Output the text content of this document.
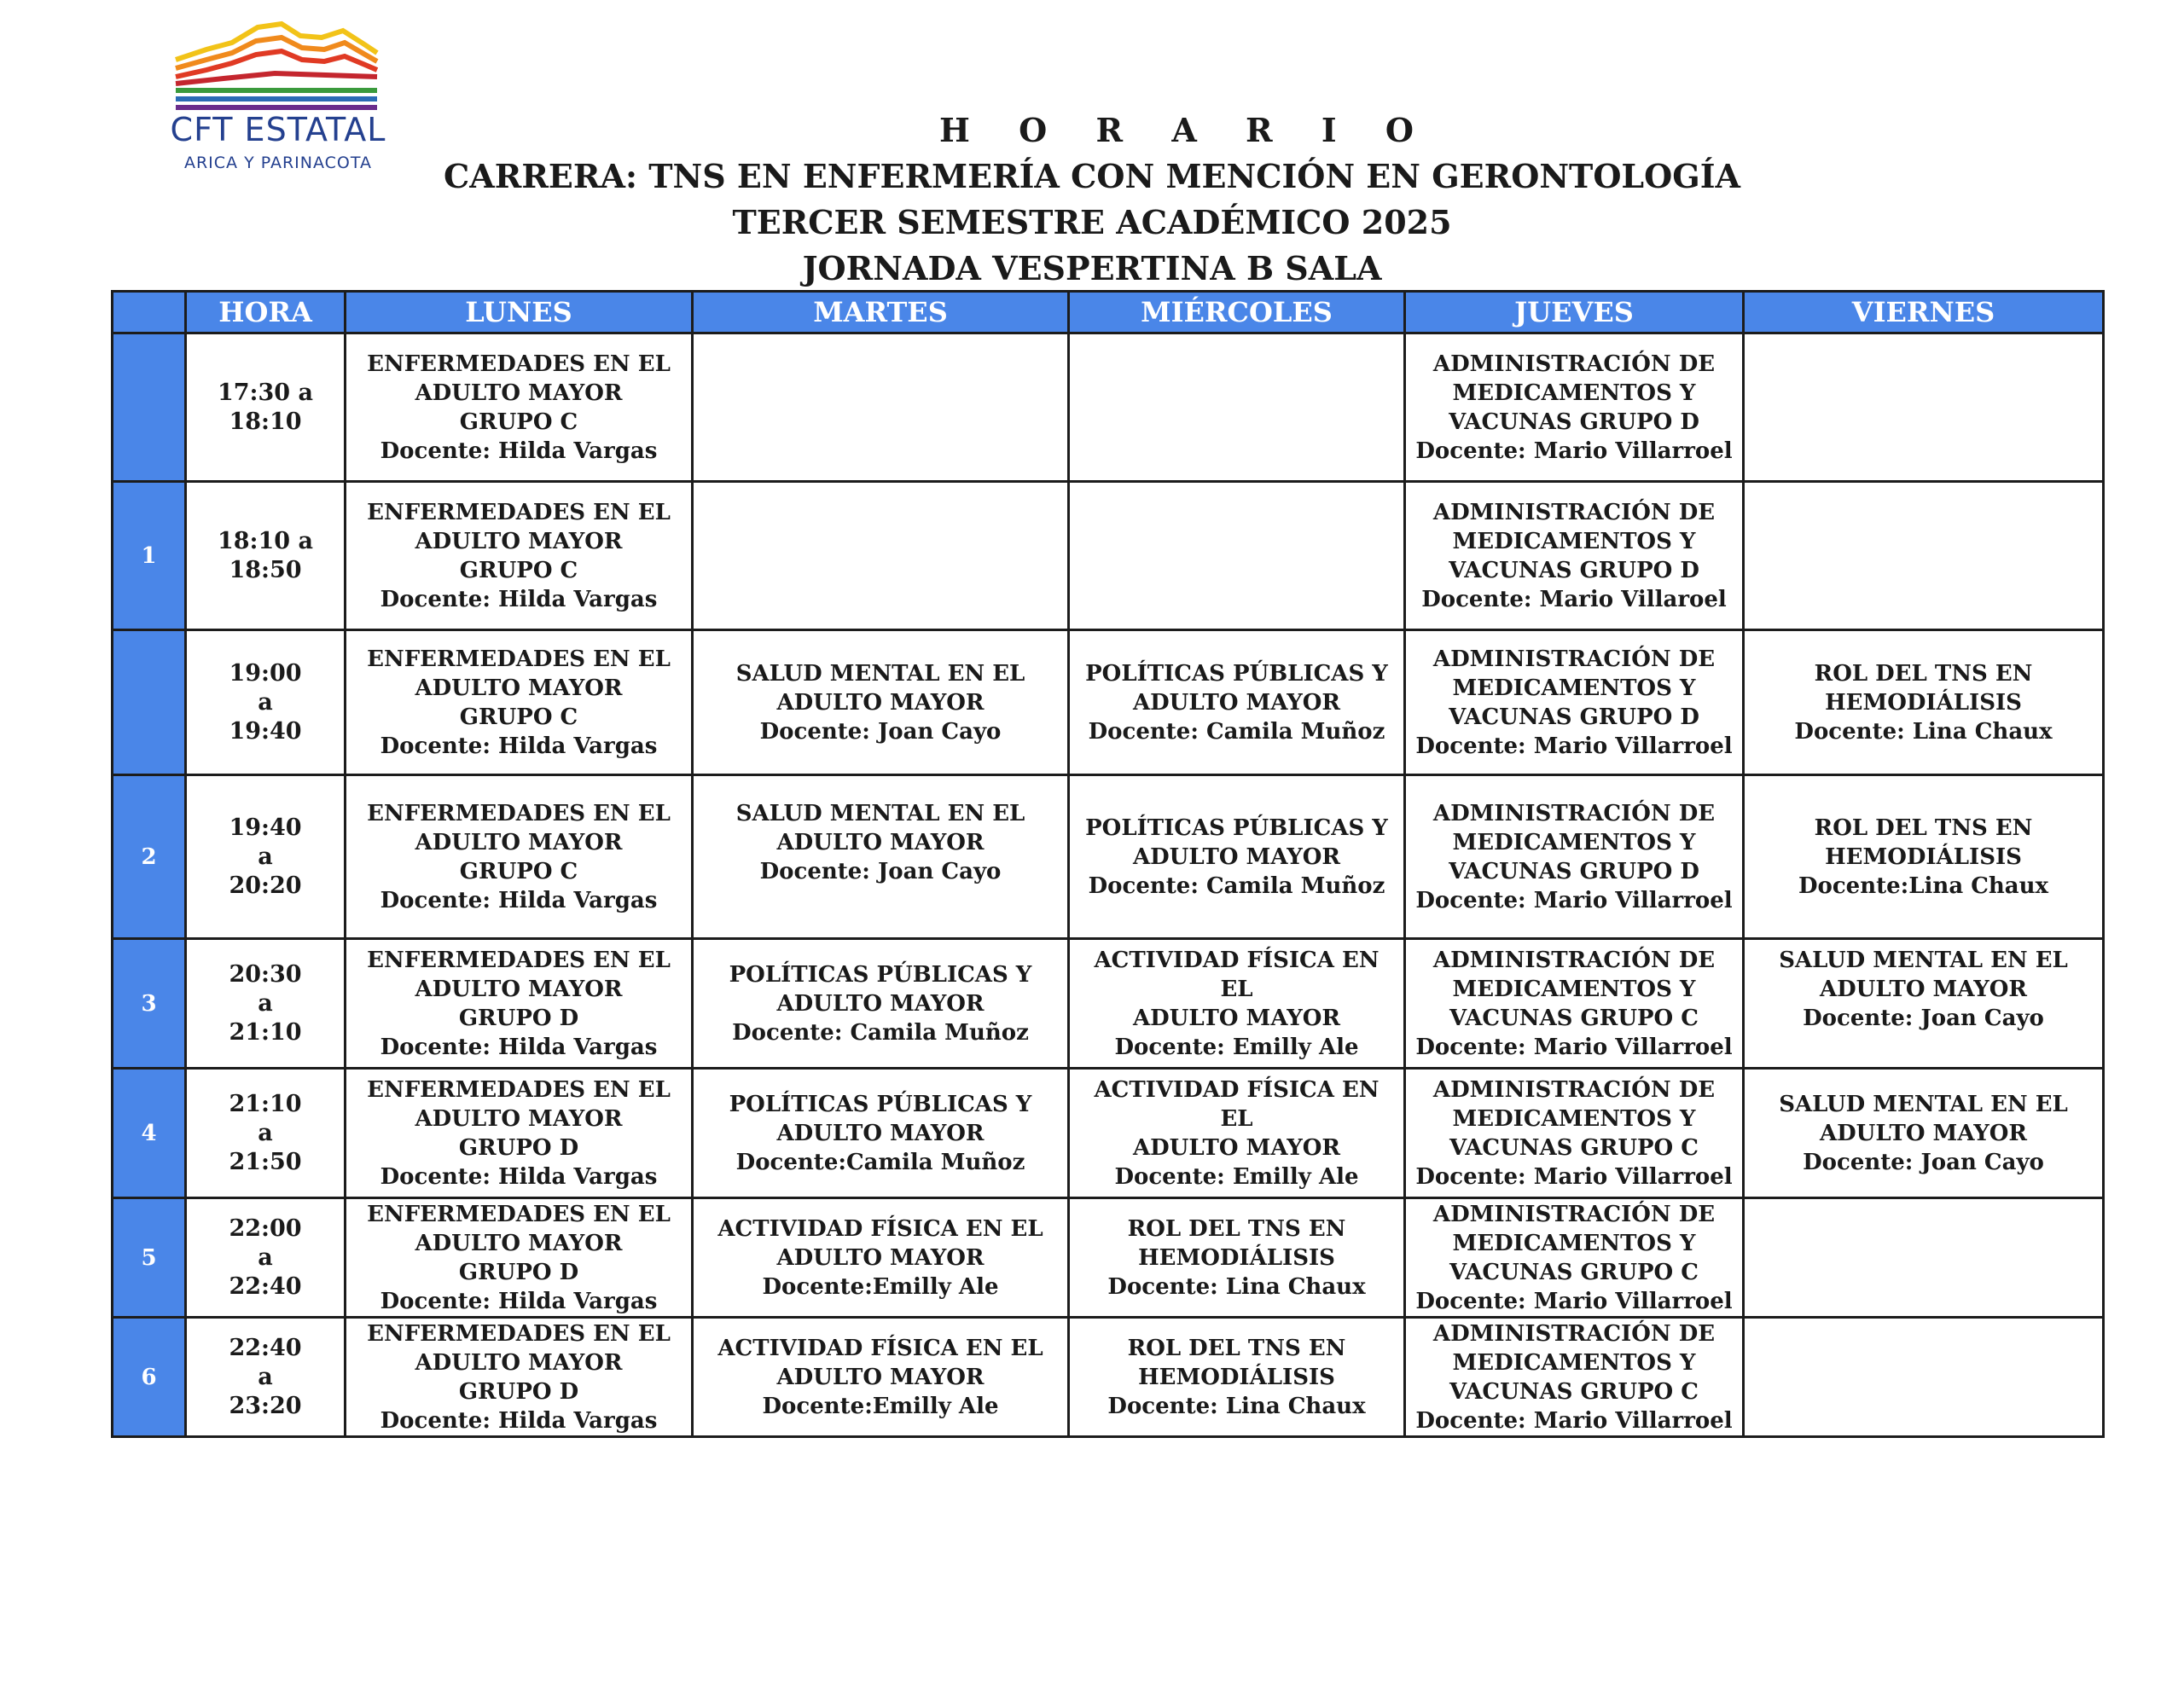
CFT ESTATAL
ARICA Y PARINACOTA
H O R A R I O
CARRERA: TNS EN ENFERMERÍA CON MENCIÓN EN GERONTOLOGÍA
TERCER SEMESTRE ACADÉMICO 2025
JORNADA VESPERTINA B SALA
	HORA	LUNES	MARTES	MIÉRCOLES	JUEVES	VIERNES

	17:30 a
18:10	ENFERMEDADES EN EL
ADULTO MAYOR
GRUPO C
Docente: Hilda Vargas			ADMINISTRACIÓN DE
MEDICAMENTOS Y
VACUNAS GRUPO D
Docente: Mario Villarroel	

1	18:10 a
18:50	ENFERMEDADES EN EL
ADULTO MAYOR
GRUPO C
Docente: Hilda Vargas			ADMINISTRACIÓN DE
MEDICAMENTOS Y
VACUNAS GRUPO D
Docente: Mario Villaroel	

	19:00
a
19:40	ENFERMEDADES EN EL
ADULTO MAYOR
GRUPO C
Docente: Hilda Vargas	SALUD MENTAL EN EL
ADULTO MAYOR
Docente: Joan Cayo	POLÍTICAS PÚBLICAS Y
ADULTO MAYOR
Docente: Camila Muñoz	ADMINISTRACIÓN DE
MEDICAMENTOS Y
VACUNAS GRUPO D
Docente: Mario Villarroel	ROL DEL TNS EN
HEMODIÁLISIS
Docente: Lina Chaux

2	19:40
a
20:20	ENFERMEDADES EN EL
ADULTO MAYOR
GRUPO C
Docente: Hilda Vargas	SALUD MENTAL EN EL
ADULTO MAYOR
Docente: Joan Cayo	POLÍTICAS PÚBLICAS Y
ADULTO MAYOR
Docente: Camila Muñoz	ADMINISTRACIÓN DE
MEDICAMENTOS Y
VACUNAS GRUPO D
Docente: Mario Villarroel	ROL DEL TNS EN
HEMODIÁLISIS
Docente:Lina Chaux

3	20:30
a
21:10	ENFERMEDADES EN EL
ADULTO MAYOR
GRUPO D
Docente: Hilda Vargas	POLÍTICAS PÚBLICAS Y
ADULTO MAYOR
Docente: Camila Muñoz	ACTIVIDAD FÍSICA EN EL
ADULTO MAYOR
Docente: Emilly Ale	ADMINISTRACIÓN DE
MEDICAMENTOS Y
VACUNAS GRUPO C
Docente: Mario Villarroel	SALUD MENTAL EN EL
ADULTO MAYOR
Docente: Joan Cayo

4	21:10
a
21:50	ENFERMEDADES EN EL
ADULTO MAYOR
GRUPO D
Docente: Hilda Vargas	POLÍTICAS PÚBLICAS Y
ADULTO MAYOR
Docente:Camila Muñoz	ACTIVIDAD FÍSICA EN EL
ADULTO MAYOR
Docente: Emilly Ale	ADMINISTRACIÓN DE
MEDICAMENTOS Y
VACUNAS GRUPO C
Docente: Mario Villarroel	SALUD MENTAL EN EL
ADULTO MAYOR
Docente: Joan Cayo

5	22:00
a
22:40	ENFERMEDADES EN EL
ADULTO MAYOR
GRUPO D
Docente: Hilda Vargas	ACTIVIDAD FÍSICA EN EL
ADULTO MAYOR
Docente:Emilly Ale	ROL DEL TNS EN
HEMODIÁLISIS
Docente: Lina Chaux	ADMINISTRACIÓN DE
MEDICAMENTOS Y
VACUNAS GRUPO C
Docente: Mario Villarroel	

6	22:40
a
23:20	ENFERMEDADES EN EL
ADULTO MAYOR
GRUPO D
Docente: Hilda Vargas	ACTIVIDAD FÍSICA EN EL
ADULTO MAYOR
Docente:Emilly Ale	ROL DEL TNS EN
HEMODIÁLISIS
Docente: Lina Chaux	ADMINISTRACIÓN DE
MEDICAMENTOS Y
VACUNAS GRUPO C
Docente: Mario Villarroel	
